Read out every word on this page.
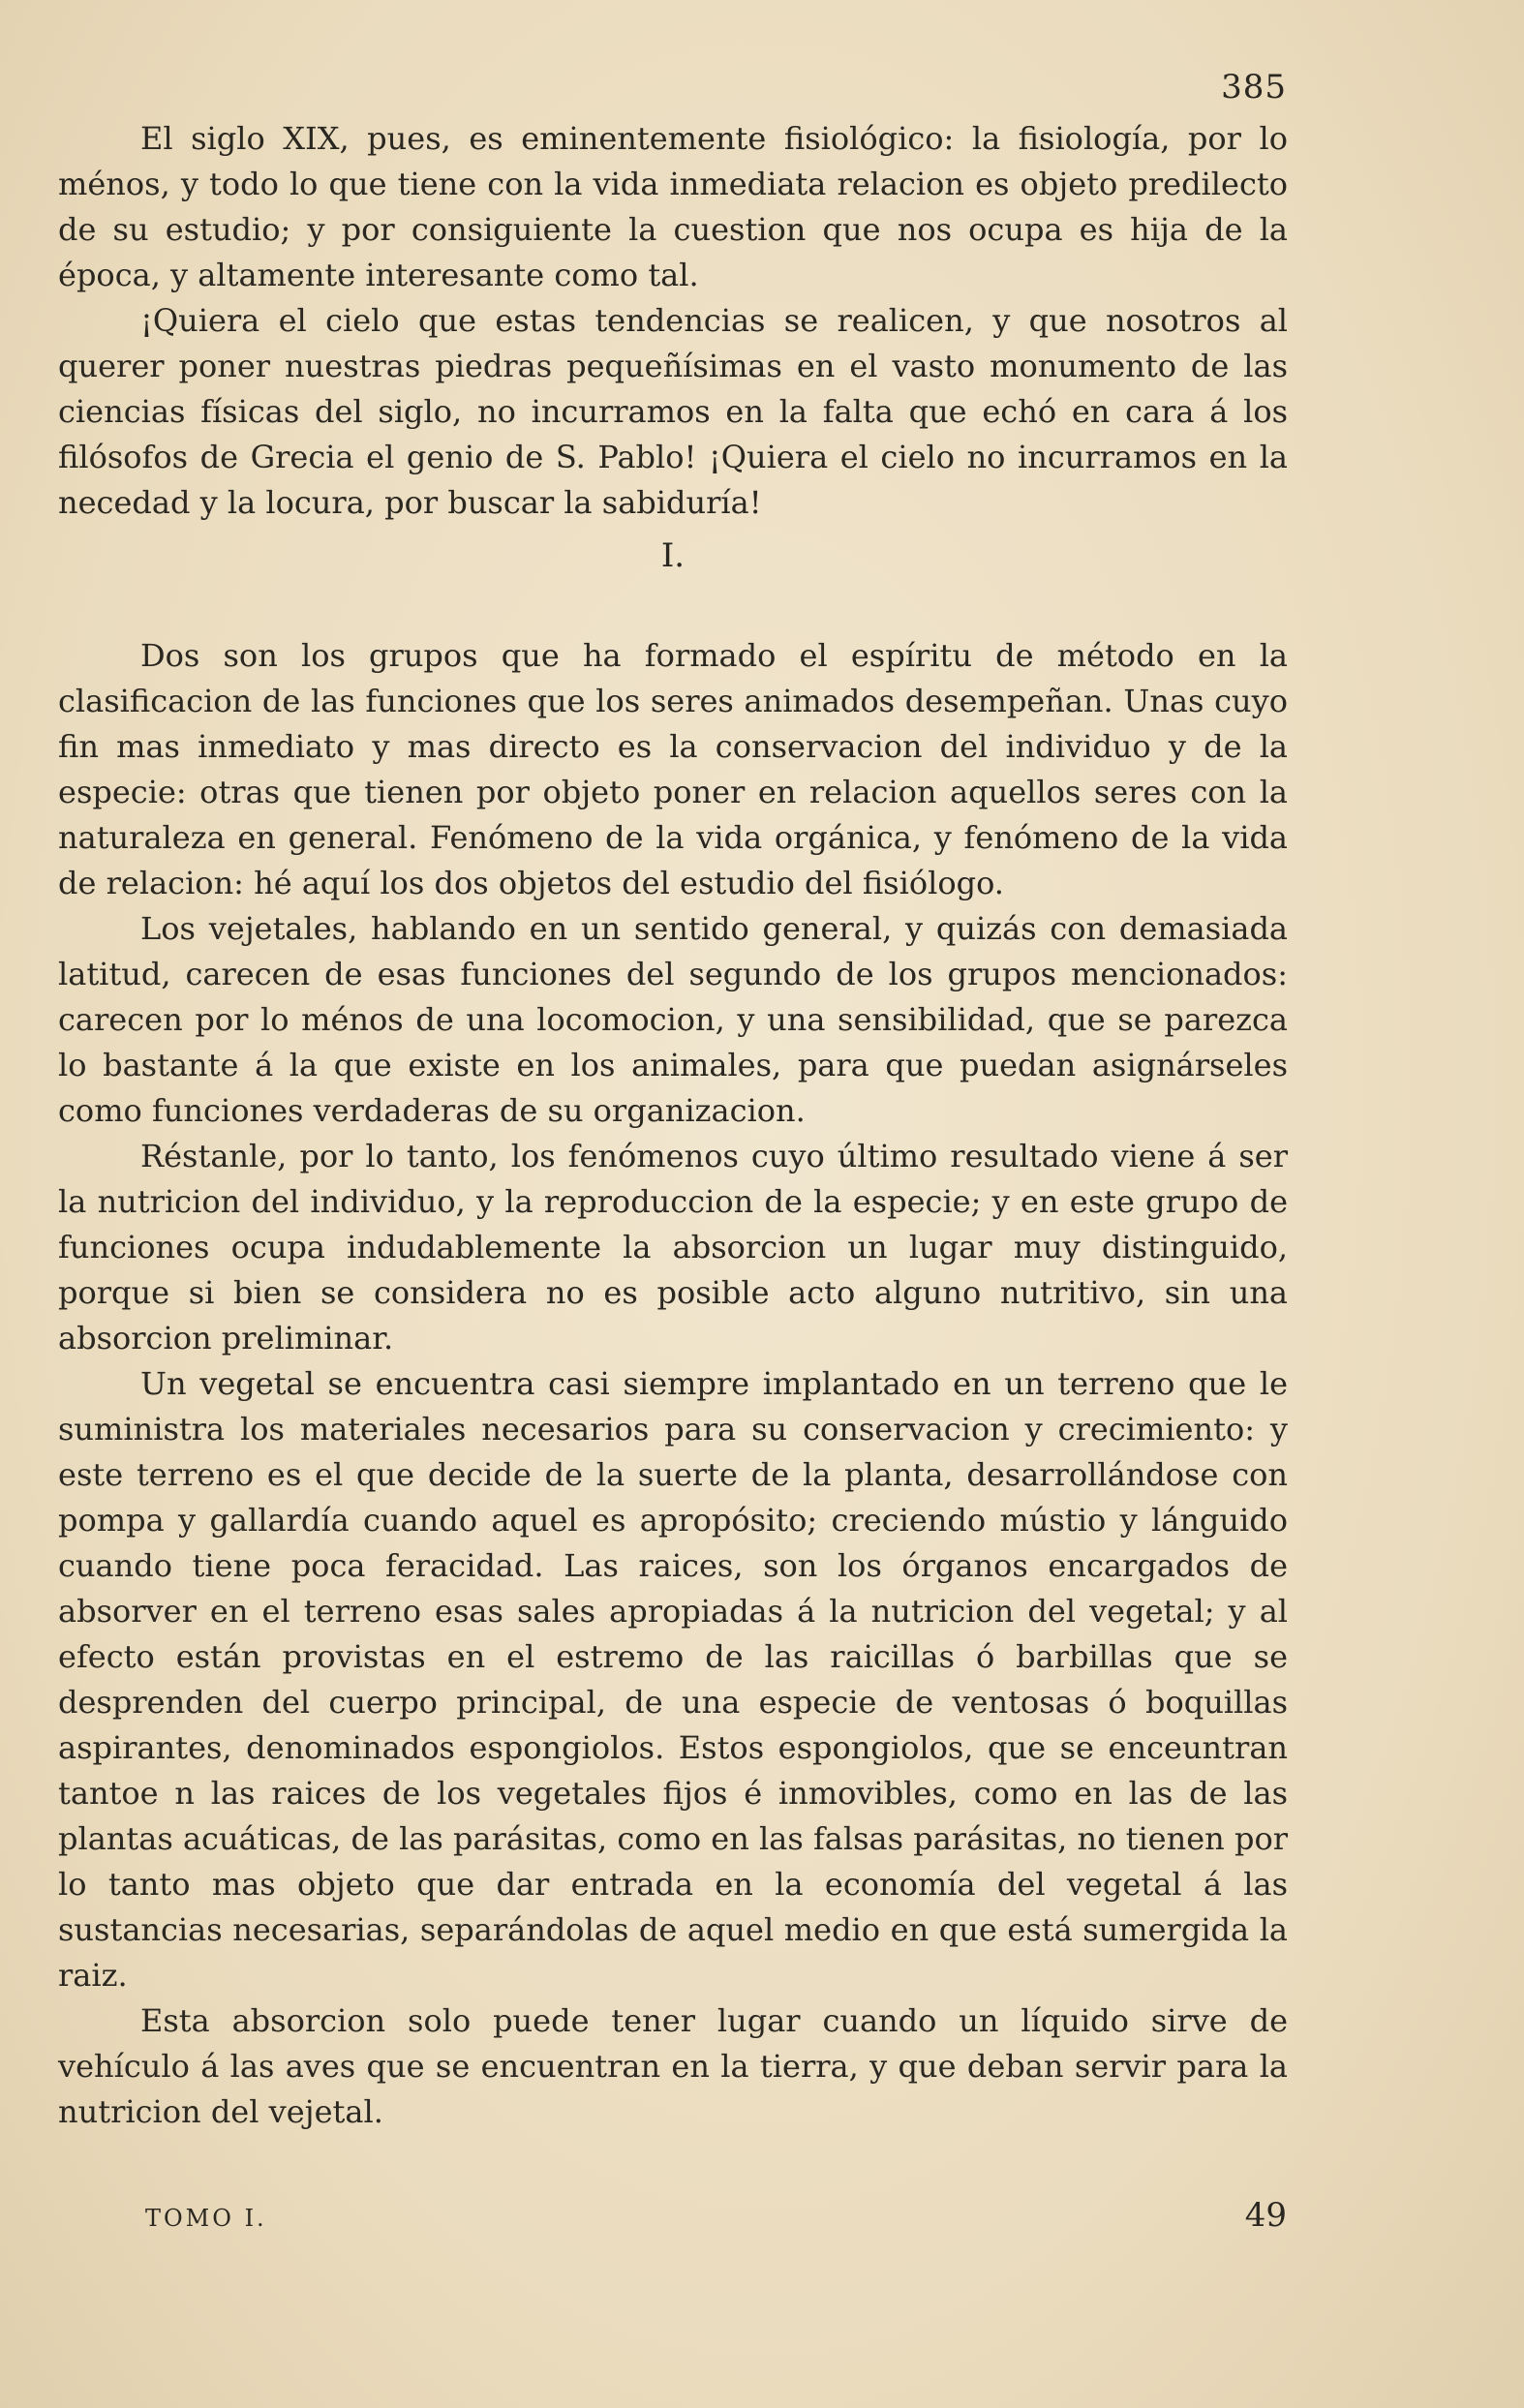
385

El siglo XIX, pues, es eminentemente fisiológico: la fisiología, por lo ménos, y todo lo que tiene con la vida inmediata relacion es objeto predilecto de su estudio; y por consiguiente la cuestion que nos ocupa es hija de la época, y altamente interesante como tal.

¡Quiera el cielo que estas tendencias se realicen, y que nosotros al querer poner nuestras piedras pequeñísimas en el vasto monumento de las ciencias físicas del siglo, no incurramos en la falta que echó en cara á los filósofos de Grecia el genio de S. Pablo! ¡Quiera el cielo no incurramos en la necedad y la locura, por buscar la sabiduría!

I.

Dos son los grupos que ha formado el espíritu de método en la clasificacion de las funciones que los seres animados desempeñan. Unas cuyo fin mas inmediato y mas directo es la conservacion del individuo y de la especie: otras que tienen por objeto poner en relacion aquellos seres con la naturaleza en general. Fenómeno de la vida orgánica, y fenómeno de la vida de relacion: hé aquí los dos objetos del estudio del fisiólogo.

Los vejetales, hablando en un sentido general, y quizás con demasiada latitud, carecen de esas funciones del segundo de los grupos mencionados: carecen por lo ménos de una locomocion, y una sensibilidad, que se parezca lo bastante á la que existe en los animales, para que puedan asignárseles como funciones verdaderas de su organizacion.

Réstanle, por lo tanto, los fenómenos cuyo último resultado viene á ser la nutricion del individuo, y la reproduccion de la especie; y en este grupo de funciones ocupa indudablemente la absorcion un lugar muy distinguido, porque si bien se considera no es posible acto alguno nutritivo, sin una absorcion preliminar.

Un vegetal se encuentra casi siempre implantado en un terreno que le suministra los materiales necesarios para su conservacion y crecimiento: y este terreno es el que decide de la suerte de la planta, desarrollándose con pompa y gallardía cuando aquel es apropósito; creciendo mústio y lánguido cuando tiene poca feracidad. Las raices, son los órganos encargados de absorver en el terreno esas sales apropiadas á la nutricion del vegetal; y al efecto están provistas en el estremo de las raicillas ó barbillas que se desprenden del cuerpo principal, de una especie de ventosas ó boquillas aspirantes, denominados espongiolos. Estos espongiolos, que se enceuntran tantoe n las raices de los vegetales fijos é inmovibles, como en las de las plantas acuáticas, de las parásitas, como en las falsas parásitas, no tienen por lo tanto mas objeto que dar entrada en la economía del vegetal á las sustancias necesarias, separándolas de aquel medio en que está sumergida la raiz.

Esta absorcion solo puede tener lugar cuando un líquido sirve de vehículo á las aves que se encuentran en la tierra, y que deban servir para la nutricion del vejetal.

TOMO I.	49
